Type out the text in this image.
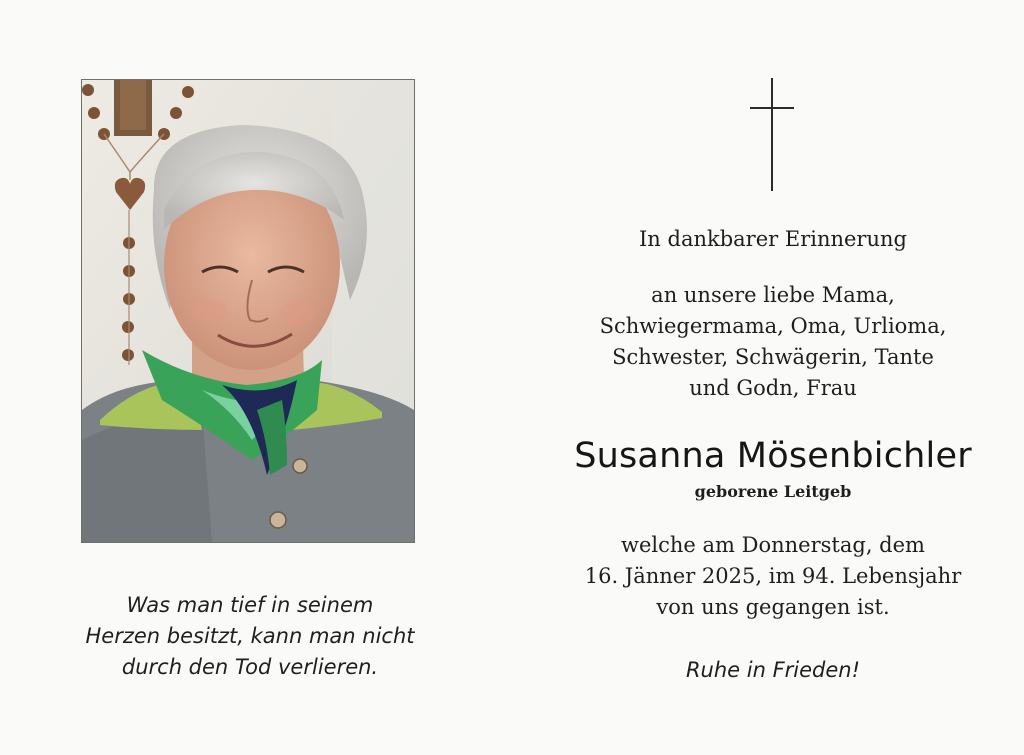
Was man tief in seinem
Herzen besitzt, kann man nicht
durch den Tod verlieren.
In dankbarer Erinnerung
an unsere liebe Mama,
Schwiegermama, Oma, Urlioma,
Schwester, Schwägerin, Tante
und Godn, Frau
Susanna Mösenbichler
geborene Leitgeb
welche am Donnerstag, dem
16. Jänner 2025, im 94. Lebensjahr
von uns gegangen ist.
Ruhe in Frieden!
